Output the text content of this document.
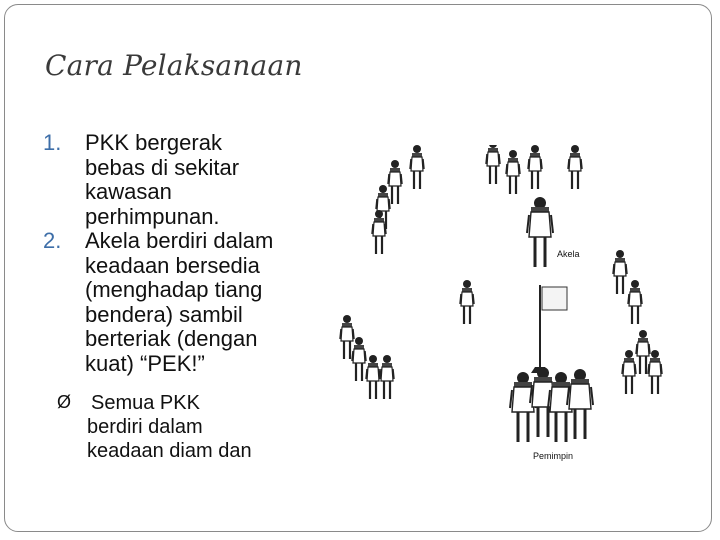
Cara Pelaksanaan
1.	PKK bergerak bebas di sekitar kawasan perhimpunan.
2.	Akela berdiri dalam keadaan bersedia (menghadap tiang bendera) sambil berteriak (dengan kuat) “PEK!”
Ø Semua PKK
berdiri dalam
keadaan diam dan
Akela
Pemimpin
